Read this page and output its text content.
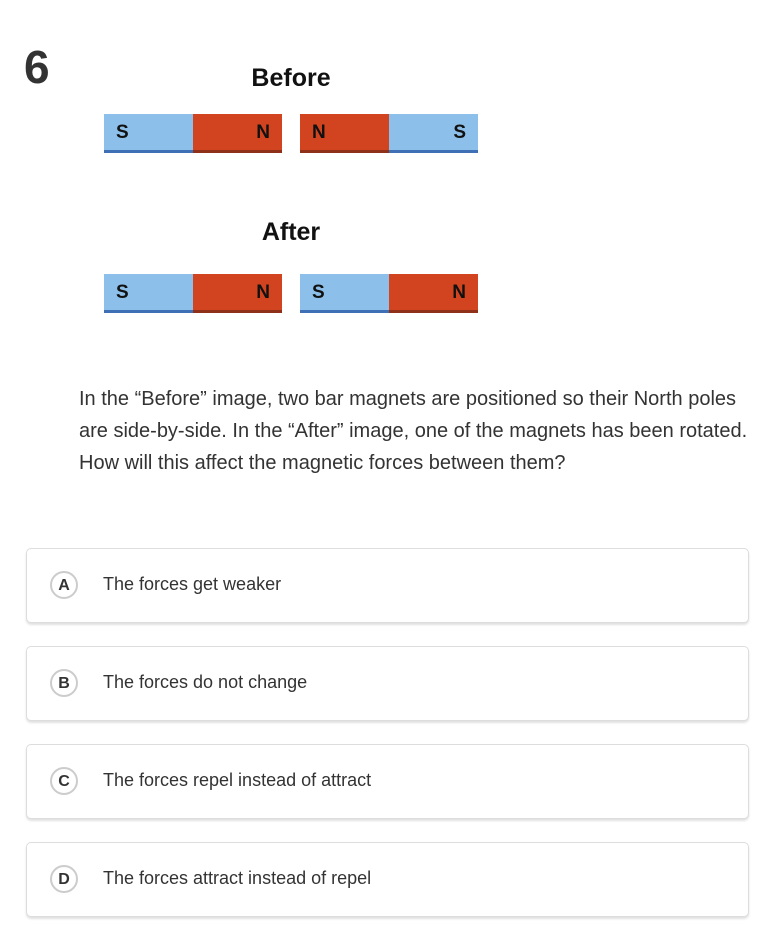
6	Before
S	N N	S
After
S	N S	N
In the “Before” image, two bar magnets are positioned so their North poles are side-by-side. In the “After” image, one of the magnets has been rotated. How will this affect the magnetic forces between them?
A	The forces get weaker
B	The forces do not change
C	The forces repel instead of attract
D	The forces attract instead of repel
